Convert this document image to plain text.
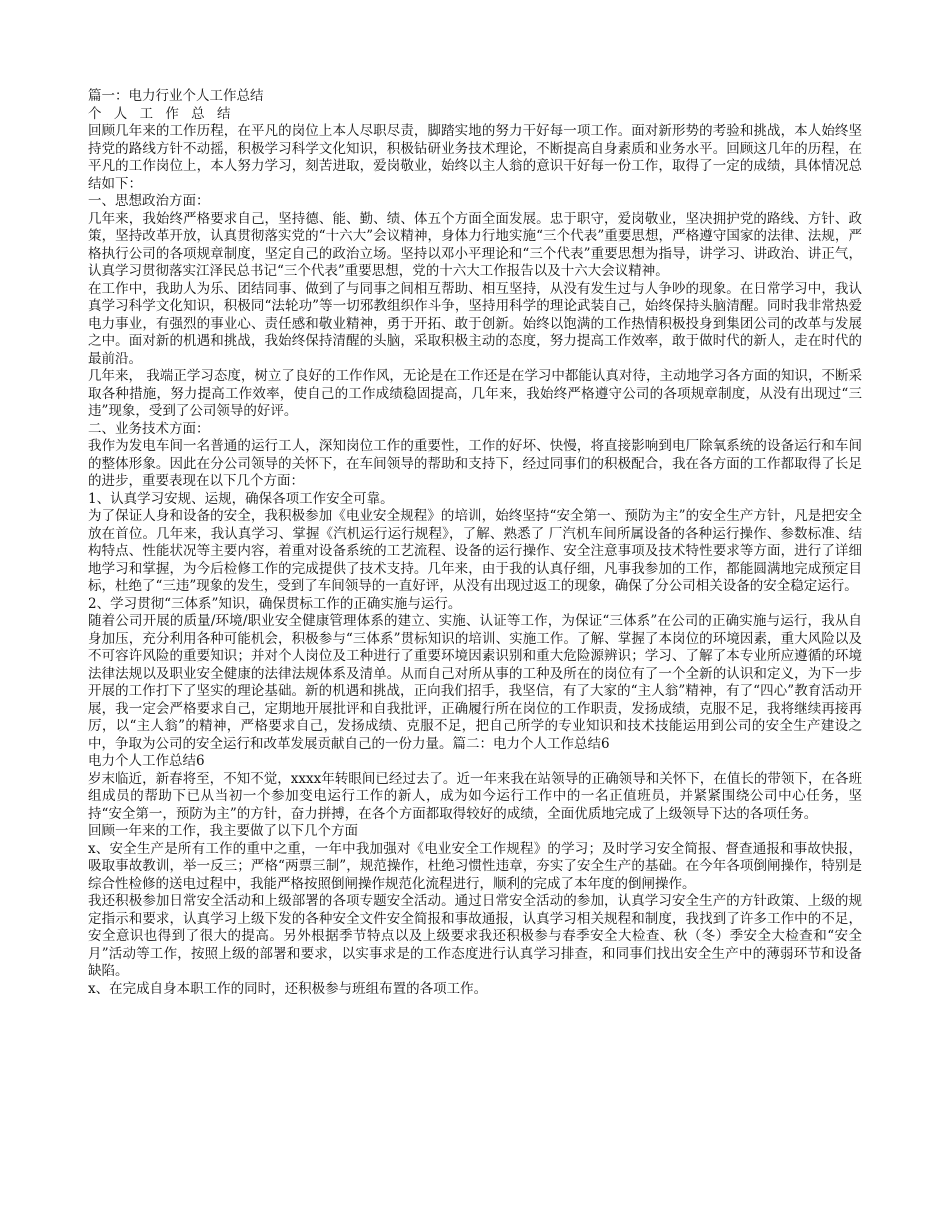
篇一：电力行业个人工作总结

个 人 工 作 总 结

回顾几年来的工作历程，在平凡的岗位上本人尽职尽责，脚踏实地的努力干好每一项工作。面对新形势的考验和挑战，本人始终坚持党的路线方针不动摇，积极学习科学文化知识，积极钻研业务技术理论，不断提高自身素质和业务水平。回顾这几年的历程，在平凡的工作岗位上，本人努力学习，刻苦进取，爱岗敬业，始终以主人翁的意识干好每一份工作，取得了一定的成绩，具体情况总结如下：

一、思想政治方面：

几年来，我始终严格要求自己，坚持德、能、勤、绩、体五个方面全面发展。忠于职守，爱岗敬业，坚决拥护党的路线、方针、政策，坚持改革开放，认真贯彻落实党的“十六大”会议精神，身体力行地实施“三个代表”重要思想，严格遵守国家的法律、法规，严格执行公司的各项规章制度，坚定自己的政治立场。坚持以邓小平理论和“三个代表”重要思想为指导，讲学习、讲政治、讲正气，认真学习贯彻落实江泽民总书记“三个代表”重要思想，党的十六大工作报告以及十六大会议精神。

在工作中，我助人为乐、团结同事、做到了与同事之间相互帮助、相互坚持，从没有发生过与人争吵的现象。在日常学习中，我认真学习科学文化知识，积极同“法轮功”等一切邪教组织作斗争，坚持用科学的理论武装自己，始终保持头脑清醒。同时我非常热爱电力事业，有强烈的事业心、责任感和敬业精神，勇于开拓、敢于创新。始终以饱满的工作热情积极投身到集团公司的改革与发展之中。面对新的机遇和挑战，我始终保持清醒的头脑，采取积极主动的态度，努力提高工作效率，敢于做时代的新人，走在时代的最前沿。

几年来， 我端正学习态度，树立了良好的工作作风，无论是在工作还是在学习中都能认真对待，主动地学习各方面的知识，不断采取各种措施，努力提高工作效率，使自己的工作成绩稳固提高，几年来，我始终严格遵守公司的各项规章制度，从没有出现过“三违”现象，受到了公司领导的好评。

二、业务技术方面：

我作为发电车间一名普通的运行工人，深知岗位工作的重要性，工作的好坏、快慢，将直接影响到电厂除氧系统的设备运行和车间的整体形象。因此在分公司领导的关怀下，在车间领导的帮助和支持下，经过同事们的积极配合，我在各方面的工作都取得了长足的进步，重要表现在以下几个方面：

1、认真学习安规、运规，确保各项工作安全可靠。

为了保证人身和设备的安全，我积极参加《电业安全规程》的培训，始终坚持“安全第一、预防为主”的安全生产方针，凡是把安全放在首位。几年来，我认真学习、掌握《汽机运行运行规程》，了解、熟悉了 厂汽机车间所属设备的各种运行操作、参数标准、结构特点、性能状况等主要内容，着重对设备系统的工艺流程、设备的运行操作、安全注意事项及技术特性要求等方面，进行了详细地学习和掌握，为今后检修工作的完成提供了技术支持。几年来，由于我的认真仔细，凡事我参加的工作，都能圆满地完成预定目标，杜绝了“三违”现象的发生，受到了车间领导的一直好评，从没有出现过返工的现象，确保了分公司相关设备的安全稳定运行。

2、学习贯彻“三体系”知识，确保贯标工作的正确实施与运行。

随着公司开展的质量/环境/职业安全健康管理体系的建立、实施、认证等工作，为保证“三体系”在公司的正确实施与运行，我从自身加压，充分利用各种可能机会，积极参与“三体系”贯标知识的培训、实施工作。了解、掌握了本岗位的环境因素，重大风险以及不可容许风险的重要知识；并对个人岗位及工种进行了重要环境因素识别和重大危险源辨识；学习、了解了本专业所应遵循的环境法律法规以及职业安全健康的法律法规体系及清单。从而自己对所从事的工种及所在的岗位有了一个全新的认识和定义，为下一步开展的工作打下了坚实的理论基础。新的机遇和挑战，正向我们招手，我坚信，有了大家的“主人翁”精神，有了“四心”教育活动开展，我一定会严格要求自己，定期地开展批评和自我批评，正确履行所在岗位的工作职责，发扬成绩，克服不足，我将继续再接再厉，以“主人翁”的精神，严格要求自己，发扬成绩、克服不足，把自己所学的专业知识和技术技能运用到公司的安全生产建设之中，争取为公司的安全运行和改革发展贡献自己的一份力量。篇二：电力个人工作总结6

电力个人工作总结6

岁末临近，新春将至，不知不觉，xxxx年转眼间已经过去了。近一年来我在站领导的正确领导和关怀下，在值长的带领下，在各班组成员的帮助下已从当初一个参加变电运行工作的新人，成为如今运行工作中的一名正值班员，并紧紧围绕公司中心任务，坚持“安全第一，预防为主”的方针，奋力拼搏，在各个方面都取得较好的成绩，全面优质地完成了上级领导下达的各项任务。

回顾一年来的工作，我主要做了以下几个方面

x、安全生产是所有工作的重中之重，一年中我加强对《电业安全工作规程》的学习；及时学习安全简报、督查通报和事故快报，吸取事故教训，举一反三；严格“两票三制”，规范操作，杜绝习惯性违章，夯实了安全生产的基础。在今年各项倒闸操作，特别是综合性检修的送电过程中，我能严格按照倒闸操作规范化流程进行，顺利的完成了本年度的倒闸操作。

我还积极参加日常安全活动和上级部署的各项专题安全活动。通过日常安全活动的参加，认真学习安全生产的方针政策、上级的规定指示和要求，认真学习上级下发的各种安全文件安全简报和事故通报，认真学习相关规程和制度，我找到了许多工作中的不足，安全意识也得到了很大的提高。另外根据季节特点以及上级要求我还积极参与春季安全大检查、秋（冬）季安全大检查和“安全月”活动等工作，按照上级的部署和要求，以实事求是的工作态度进行认真学习排查，和同事们找出安全生产中的薄弱环节和设备缺陷。

x、在完成自身本职工作的同时，还积极参与班组布置的各项工作。
